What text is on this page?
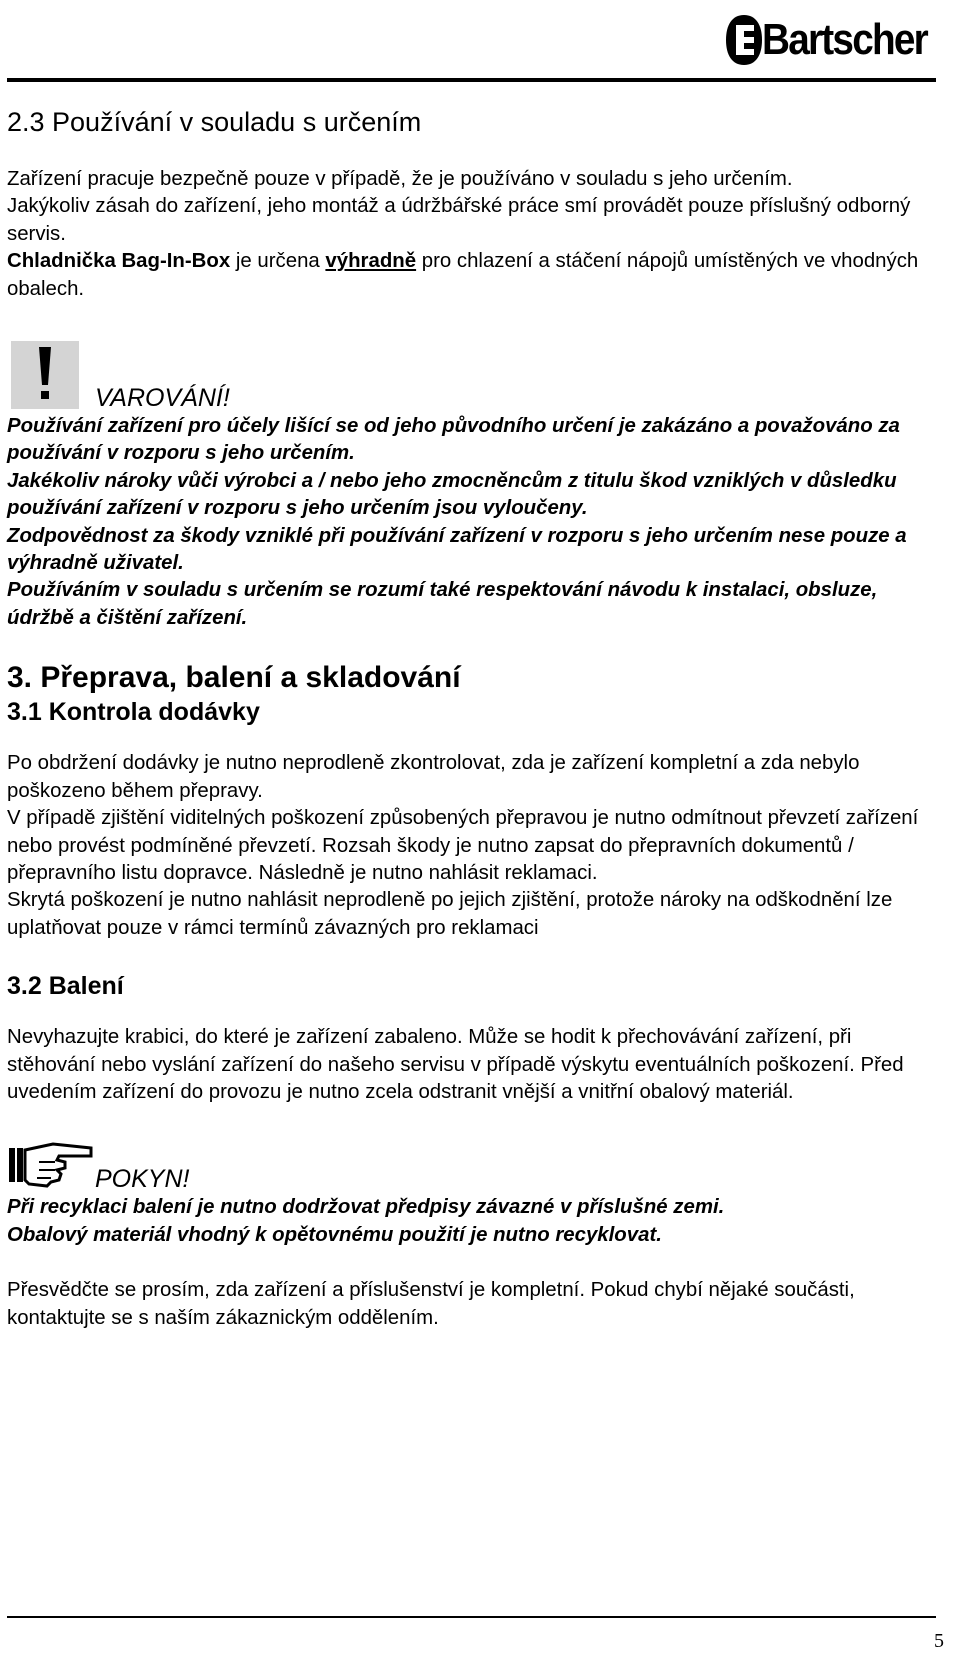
Bartscher
2.3 Používání v souladu s určením

Zařízení pracuje bezpečně pouze v případě, že je používáno v souladu s jeho určením.

Jakýkoliv zásah do zařízení, jeho montáž a údržbářské práce smí provádět pouze příslušný odborný servis.

Chladnička Bag-In-Box je určena výhradně pro chlazení a stáčení nápojů umístěných ve vhodných obalech.

VAROVÁNÍ!

Používání zařízení pro účely lišící se od jeho původního určení je zakázáno a považováno za používání v rozporu s jeho určením.

Jakékoliv nároky vůči výrobci a / nebo jeho zmocněncům z titulu škod vzniklých v důsledku používání zařízení v rozporu s jeho určením jsou vyloučeny.

Zodpovědnost za škody vzniklé při používání zařízení v rozporu s jeho určením nese pouze a výhradně uživatel.

Používáním v souladu s určením se rozumí také respektování návodu k instalaci, obsluze, údržbě a čištění zařízení.

3. Přeprava, balení a skladování
3.1 Kontrola dodávky

Po obdržení dodávky je nutno neprodleně zkontrolovat, zda je zařízení kompletní a zda nebylo poškozeno během přepravy.

V případě zjištění viditelných poškození způsobených přepravou je nutno odmítnout převzetí zařízení nebo provést podmíněné převzetí. Rozsah škody je nutno zapsat do přepravních dokumentů / přepravního listu dopravce. Následně je nutno nahlásit reklamaci.

Skrytá poškození je nutno nahlásit neprodleně po jejich zjištění, protože nároky na odškodnění lze uplatňovat pouze v rámci termínů závazných pro reklamaci

3.2 Balení

Nevyhazujte krabici, do které je zařízení zabaleno. Může se hodit k přechovávání zařízení, při stěhování nebo vyslání zařízení do našeho servisu v případě výskytu eventuálních poškození. Před uvedením zařízení do provozu je nutno zcela odstranit vnější a vnitřní obalový materiál.

POKYN!

Při recyklaci balení je nutno dodržovat předpisy závazné v příslušné zemi.

Obalový materiál vhodný k opětovnému použití je nutno recyklovat.

Přesvědčte se prosím, zda zařízení a příslušenství je kompletní. Pokud chybí nějaké součásti, kontaktujte se s naším zákaznickým oddělením.

5
